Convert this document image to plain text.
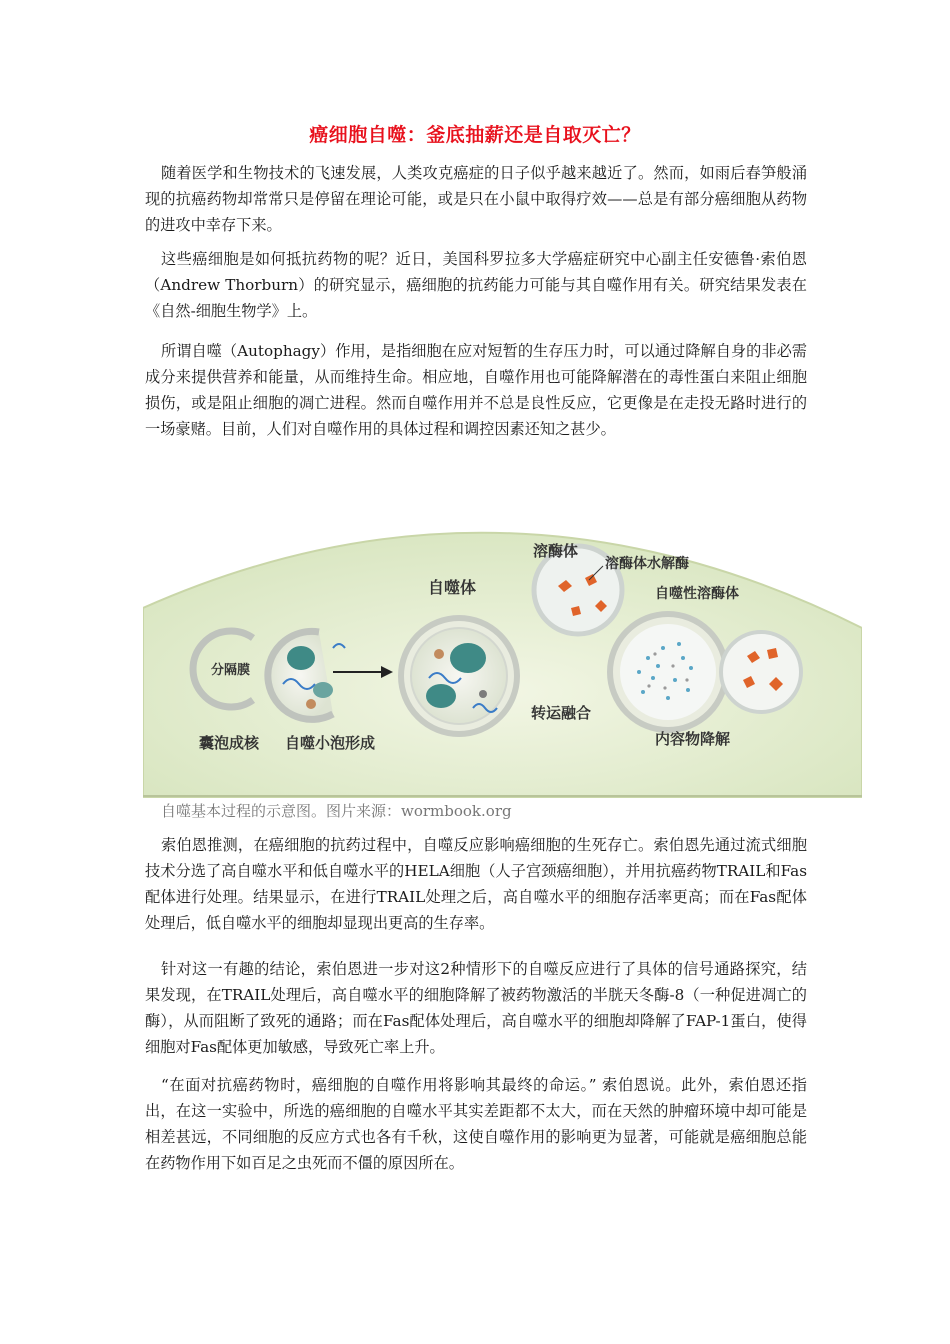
癌细胞自噬：釜底抽薪还是自取灭亡？

随着医学和生物技术的飞速发展，人类攻克癌症的日子似乎越来越近了。然而，如雨后春笋般涌现的抗癌药物却常常只是停留在理论可能，或是只在小鼠中取得疗效——总是有部分癌细胞从药物的进攻中幸存下来。

这些癌细胞是如何抵抗药物的呢？近日，美国科罗拉多大学癌症研究中心副主任安德鲁·索伯恩（Andrew Thorburn）的研究显示，癌细胞的抗药能力可能与其自噬作用有关。研究结果发表在《自然-细胞生物学》上。

所谓自噬（Autophagy）作用，是指细胞在应对短暂的生存压力时，可以通过降解自身的非必需成分来提供营养和能量，从而维持生命。相应地，自噬作用也可能降解潜在的毒性蛋白来阻止细胞损伤，或是阻止细胞的凋亡进程。然而自噬作用并不总是良性反应，它更像是在走投无路时进行的一场豪赌。目前，人们对自噬作用的具体过程和调控因素还知之甚少。

分隔膜
自噬体
溶酶体
溶酶体水解酶
转运融合
自噬性溶酶体
囊泡成核 自噬小泡形成	内容物降解
自噬基本过程的示意图。图片来源：wormbook.org

索伯恩推测，在癌细胞的抗药过程中，自噬反应影响癌细胞的生死存亡。索伯恩先通过流式细胞技术分选了高自噬水平和低自噬水平的HELA细胞（人子宫颈癌细胞），并用抗癌药物TRAIL和Fas配体进行处理。结果显示，在进行TRAIL处理之后，高自噬水平的细胞存活率更高；而在Fas配体处理后，低自噬水平的细胞却显现出更高的生存率。

针对这一有趣的结论，索伯恩进一步对这2种情形下的自噬反应进行了具体的信号通路探究，结果发现，在TRAIL处理后，高自噬水平的细胞降解了被药物激活的半胱天冬酶-8（一种促进凋亡的酶），从而阻断了致死的通路；而在Fas配体处理后，高自噬水平的细胞却降解了FAP-1蛋白，使得细胞对Fas配体更加敏感，导致死亡率上升。

“在面对抗癌药物时，癌细胞的自噬作用将影响其最终的命运。” 索伯恩说。此外，索伯恩还指出，在这一实验中，所选的癌细胞的自噬水平其实差距都不太大，而在天然的肿瘤环境中却可能是相差甚远，不同细胞的反应方式也各有千秋，这使自噬作用的影响更为显著，可能就是癌细胞总能在药物作用下如百足之虫死而不僵的原因所在。
